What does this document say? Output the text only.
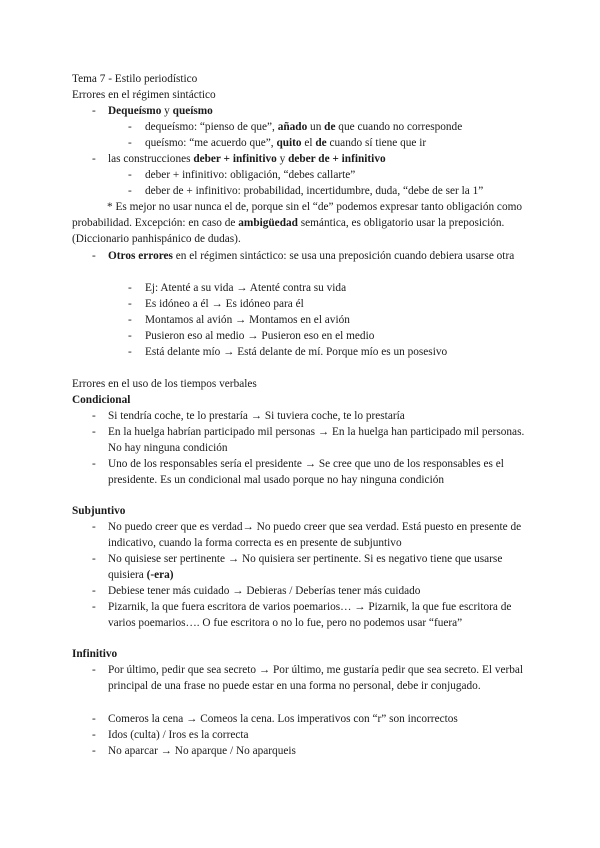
Tema 7 - Estilo periodístico
Errores en el régimen sintáctico
- Dequeísmo y queísmo
- dequeísmo: “pienso de que”, añado un de que cuando no corresponde
- queísmo: “me acuerdo que”, quito el de cuando sí tiene que ir
- las construcciones deber + infinitivo y deber de + infinitivo
- deber + infinitivo: obligación, “debes callarte”
- deber de + infinitivo: probabilidad, incertidumbre, duda, “debe de ser la 1”
* Es mejor no usar nunca el de, porque sin el “de” podemos expresar tanto obligación como probabilidad. Excepción: en caso de ambigüedad semántica, es obligatorio usar la preposición. (Diccionario panhispánico de dudas).
- Otros errores en el régimen sintáctico: se usa una preposición cuando debiera usarse otra
- Ej: Atenté a su vida → Atenté contra su vida
- Es idóneo a él → Es idóneo para él
- Montamos al avión → Montamos en el avión
- Pusieron eso al medio → Pusieron eso en el medio
- Está delante mío → Está delante de mí. Porque mío es un posesivo
Errores en el uso de los tiempos verbales
Condicional
- Si tendría coche, te lo prestaría → Si tuviera coche, te lo prestaría
- En la huelga habrían participado mil personas → En la huelga han participado mil personas. No hay ninguna condición
- Uno de los responsables sería el presidente → Se cree que uno de los responsables es el presidente. Es un condicional mal usado porque no hay ninguna condición
Subjuntivo
- No puedo creer que es verdad→ No puedo creer que sea verdad. Está puesto en presente de indicativo, cuando la forma correcta es en presente de subjuntivo
- No quisiese ser pertinente → No quisiera ser pertinente. Si es negativo tiene que usarse quisiera (-era)
- Debiese tener más cuidado → Debieras / Deberías tener más cuidado
- Pizarnik, la que fuera escritora de varios poemarios… → Pizarnik, la que fue escritora de varios poemarios…. O fue escritora o no lo fue, pero no podemos usar “fuera”
Infinitivo
- Por último, pedir que sea secreto → Por último, me gustaría pedir que sea secreto. El verbal principal de una frase no puede estar en una forma no personal, debe ir conjugado.
- Comeros la cena → Comeos la cena. Los imperativos con “r” son incorrectos
- Idos (culta) / Iros es la correcta
- No aparcar → No aparque / No aparqueis
